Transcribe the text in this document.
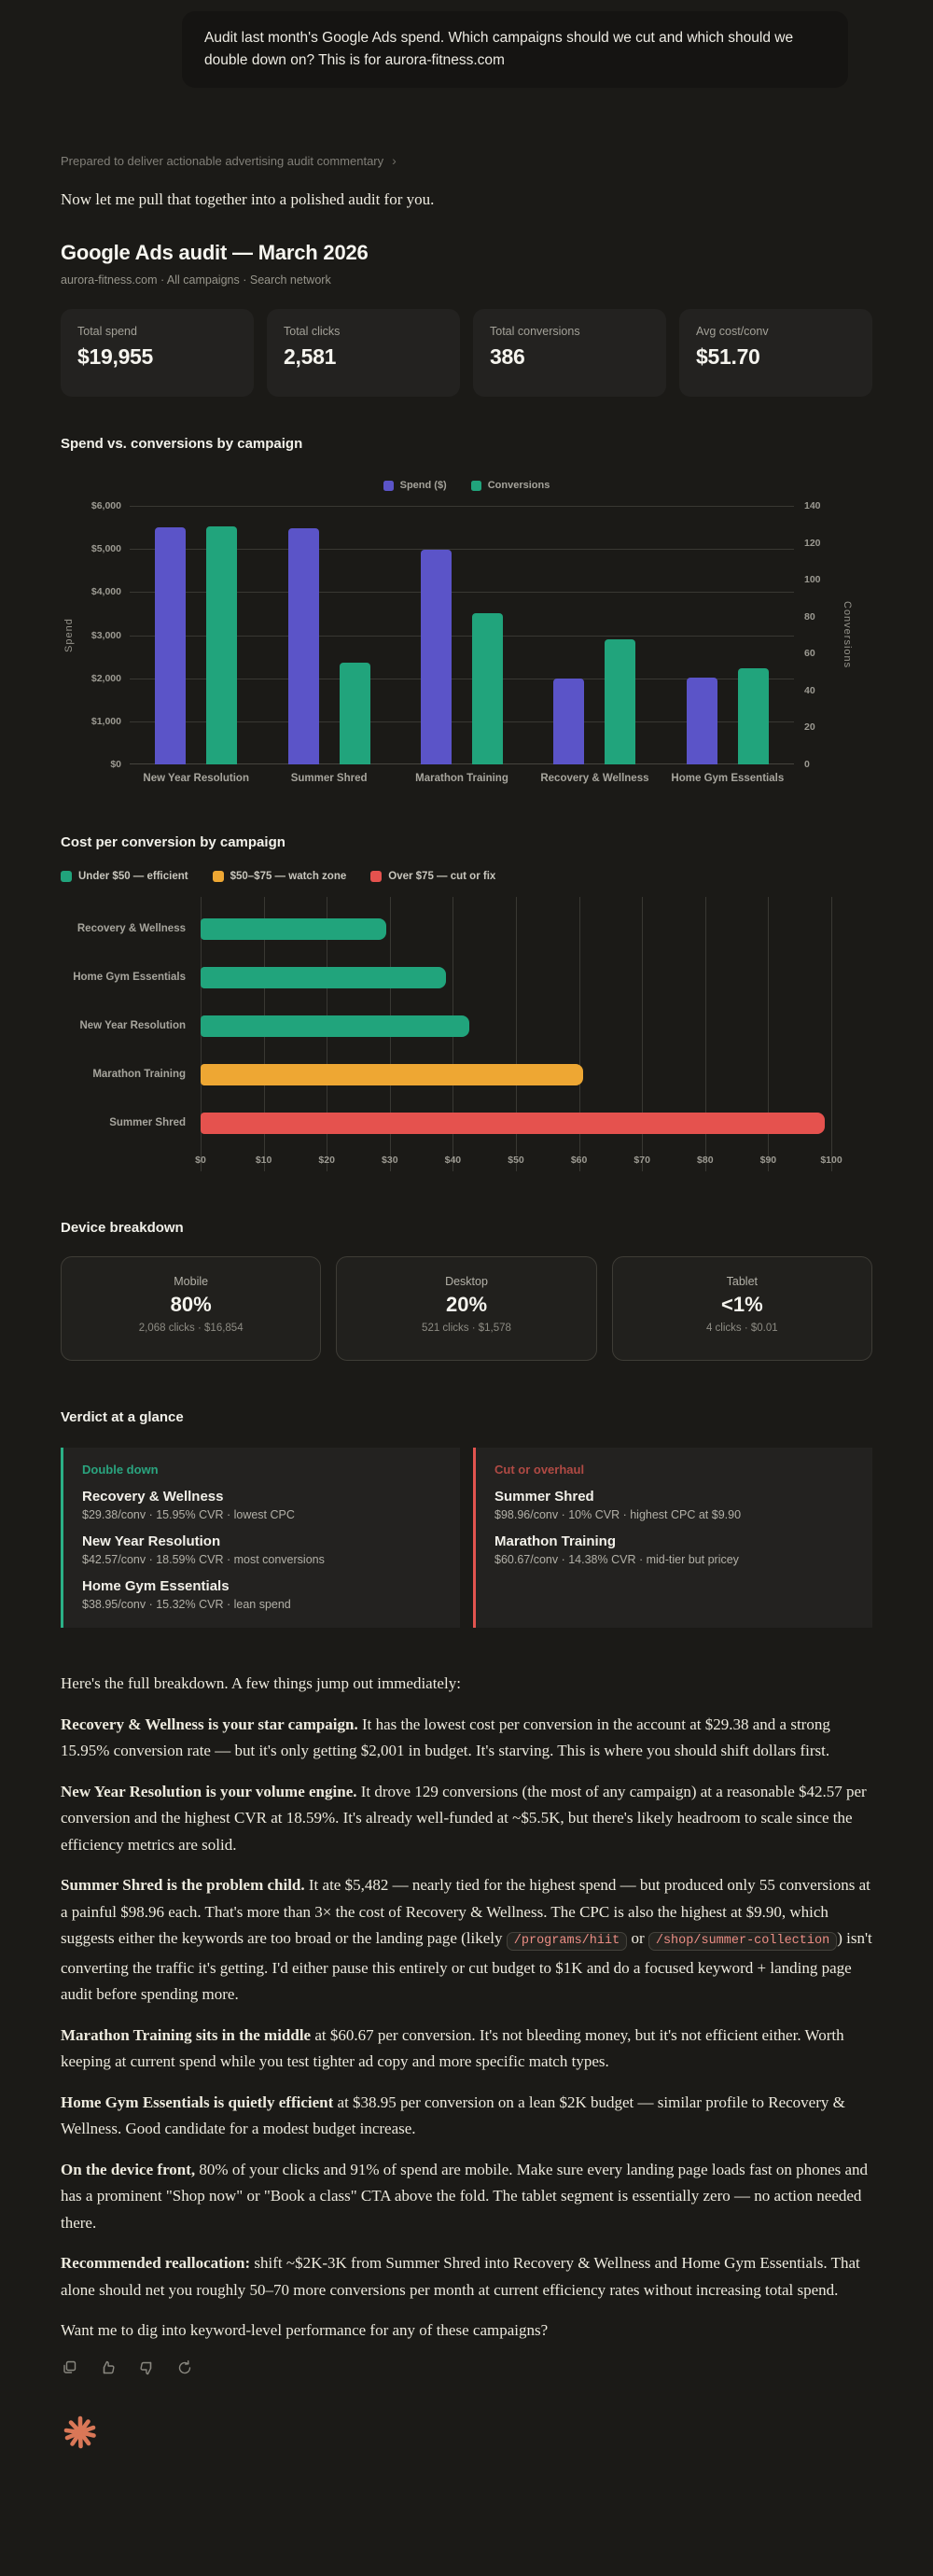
Audit last month's Google Ads spend. Which campaigns should we cut and which should we double down on? This is for aurora-fitness.com
Prepared to deliver actionable advertising audit commentary ›
Now let me pull that together into a polished audit for you.
Google Ads audit — March 2026
aurora-fitness.com · All campaigns · Search network
Total spend
$19,955
Total clicks
2,581
Total conversions
386
Avg cost/conv
$51.70
Spend vs. conversions by campaign
Spend ($)	Conversions
Spend
$0
$1,000
$2,000
$3,000
$4,000
$5,000
$6,000
0
20
40
60
80
100
120
140
Conversions
New Year Resolution	Summer Shred	Marathon Training	Recovery & Wellness	Home Gym Essentials
Cost per conversion by campaign
Under $50 — efficient	$50–$75 — watch zone	Over $75 — cut or fix
Recovery & Wellness
Home Gym Essentials
New Year Resolution
Marathon Training
Summer Shred
$0	$10	$20	$30	$40	$50	$60	$70	$80	$90	$100
Device breakdown
Mobile
80%
2,068 clicks · $16,854
Desktop
20%
521 clicks · $1,578
Tablet
<1%
4 clicks · $0.01
Verdict at a glance
Double down
Recovery & Wellness
$29.38/conv · 15.95% CVR · lowest CPC
New Year Resolution
$42.57/conv · 18.59% CVR · most conversions
Home Gym Essentials
$38.95/conv · 15.32% CVR · lean spend
Cut or overhaul
Summer Shred
$98.96/conv · 10% CVR · highest CPC at $9.90
Marathon Training
$60.67/conv · 14.38% CVR · mid-tier but pricey

Here's the full breakdown. A few things jump out immediately:

Recovery & Wellness is your star campaign. It has the lowest cost per conversion in the account at $29.38 and a strong 15.95% conversion rate — but it's only getting $2,001 in budget. It's starving. This is where you should shift dollars first.

New Year Resolution is your volume engine. It drove 129 conversions (the most of any campaign) at a reasonable $42.57 per conversion and the highest CVR at 18.59%. It's already well-funded at ~$5.5K, but there's likely headroom to scale since the efficiency metrics are solid.

Summer Shred is the problem child. It ate $5,482 — nearly tied for the highest spend — but produced only 55 conversions at a painful $98.96 each. That's more than 3× the cost of Recovery & Wellness. The CPC is also the highest at $9.90, which suggests either the keywords are too broad or the landing page (likely /programs/hiit or /shop/summer-collection ) isn't converting the traffic it's getting. I'd either pause this entirely or cut budget to $1K and do a focused keyword + landing page audit before spending more.

Marathon Training sits in the middle at $60.67 per conversion. It's not bleeding money, but it's not efficient either. Worth keeping at current spend while you test tighter ad copy and more specific match types.

Home Gym Essentials is quietly efficient at $38.95 per conversion on a lean $2K budget — similar profile to Recovery & Wellness. Good candidate for a modest budget increase.

On the device front, 80% of your clicks and 91% of spend are mobile. Make sure every landing page loads fast on phones and has a prominent "Shop now" or "Book a class" CTA above the fold. The tablet segment is essentially zero — no action needed there.

Recommended reallocation: shift ~$2K-3K from Summer Shred into Recovery & Wellness and Home Gym Essentials. That alone should net you roughly 50–70 more conversions per month at current efficiency rates without increasing total spend.

Want me to dig into keyword-level performance for any of these campaigns?
